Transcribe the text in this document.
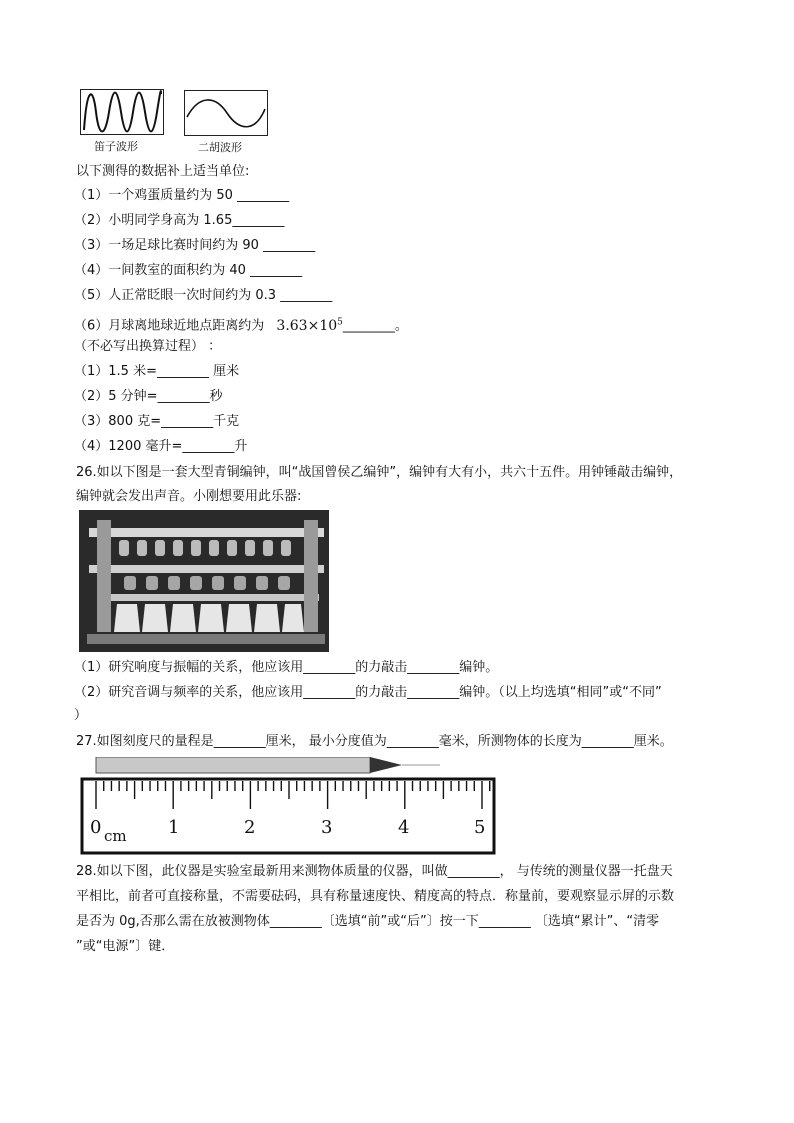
笛子波形	二胡波形
以下测得的数据补上适当单位:
（1）一个鸡蛋质量约为 50 ________
（2）小明同学身高为 1.65________
（3）一场足球比赛时间约为 90 ________
（4）一间教室的面积约为 40 ________
（5）人正常眨眼一次时间约为 0.3 ________
（6）月球离地球近地点距离约为 $3.63\times 10^5\_\_\_\_\_\_\_\_$。
（不必写出换算过程） ：
（1）1.5 米=________ 厘米
（2）5 分钟=________秒
（3）800 克=________千克
（4）1200 毫升=________升
26.如以下图是一套大型青铜编钟，叫“战国曾侯乙编钟”，编钟有大有小，共六十五件。用钟锤敲击编钟，
编钟就会发出声音。小刚想要用此乐器:
（1）研究响度与振幅的关系，他应该用________的力敲击________编钟。
（2）研究音调与频率的关系，他应该用________的力敲击________编钟。（以上均选填“相同”或“不同”
）
27.如图刻度尺的量程是________厘米， 最小分度值为________毫米，所测物体的长度为________厘米。
0 cm 1	2	3	4	5
28.如以下图，此仪器是实验室最新用来测物体质量的仪器，叫做________， 与传统的测量仪器一托盘天
平相比，前者可直接称量，不需要砝码，具有称量速度快、精度高的特点．称量前，要观察显示屏的示数
是否为 0g,否那么需在放被测物体________〔选填“前”或“后”〕按一下________ 〔选填“累计”、“清零
”或“电源”〕键．
